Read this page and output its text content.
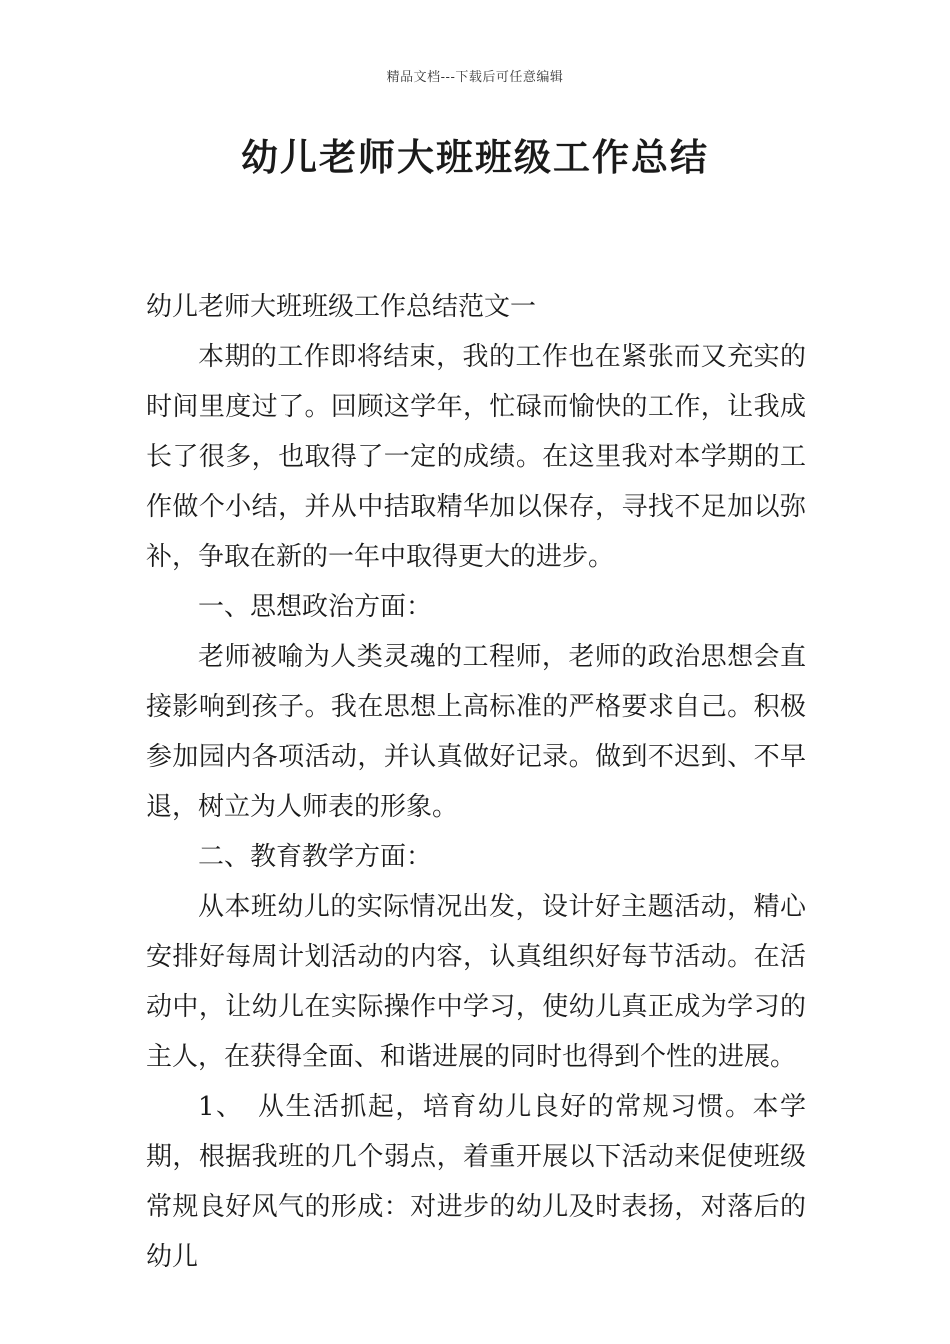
精品文档---下载后可任意编辑
幼儿老师大班班级工作总结

幼儿老师大班班级工作总结范文一

本期的工作即将结束，我的工作也在紧张而又充实的时间里度过了。回顾这学年，忙碌而愉快的工作，让我成长了很多，也取得了一定的成绩。在这里我对本学期的工作做个小结，并从中拮取精华加以保存，寻找不足加以弥补，争取在新的一年中取得更大的进步。

一、思想政治方面：

老师被喻为人类灵魂的工程师，老师的政治思想会直接影响到孩子。我在思想上高标准的严格要求自己。积极参加园内各项活动，并认真做好记录。做到不迟到、不早退，树立为人师表的形象。

二、教育教学方面：

从本班幼儿的实际情况出发，设计好主题活动，精心安排好每周计划活动的内容，认真组织好每节活动。在活动中，让幼儿在实际操作中学习，使幼儿真正成为学习的主人，在获得全面、和谐进展的同时也得到个性的进展。

1、　从生活抓起，培育幼儿良好的常规习惯。本学期，根据我班的几个弱点，着重开展以下活动来促使班级常规良好风气的形成：对进步的幼儿及时表扬，对落后的幼儿
